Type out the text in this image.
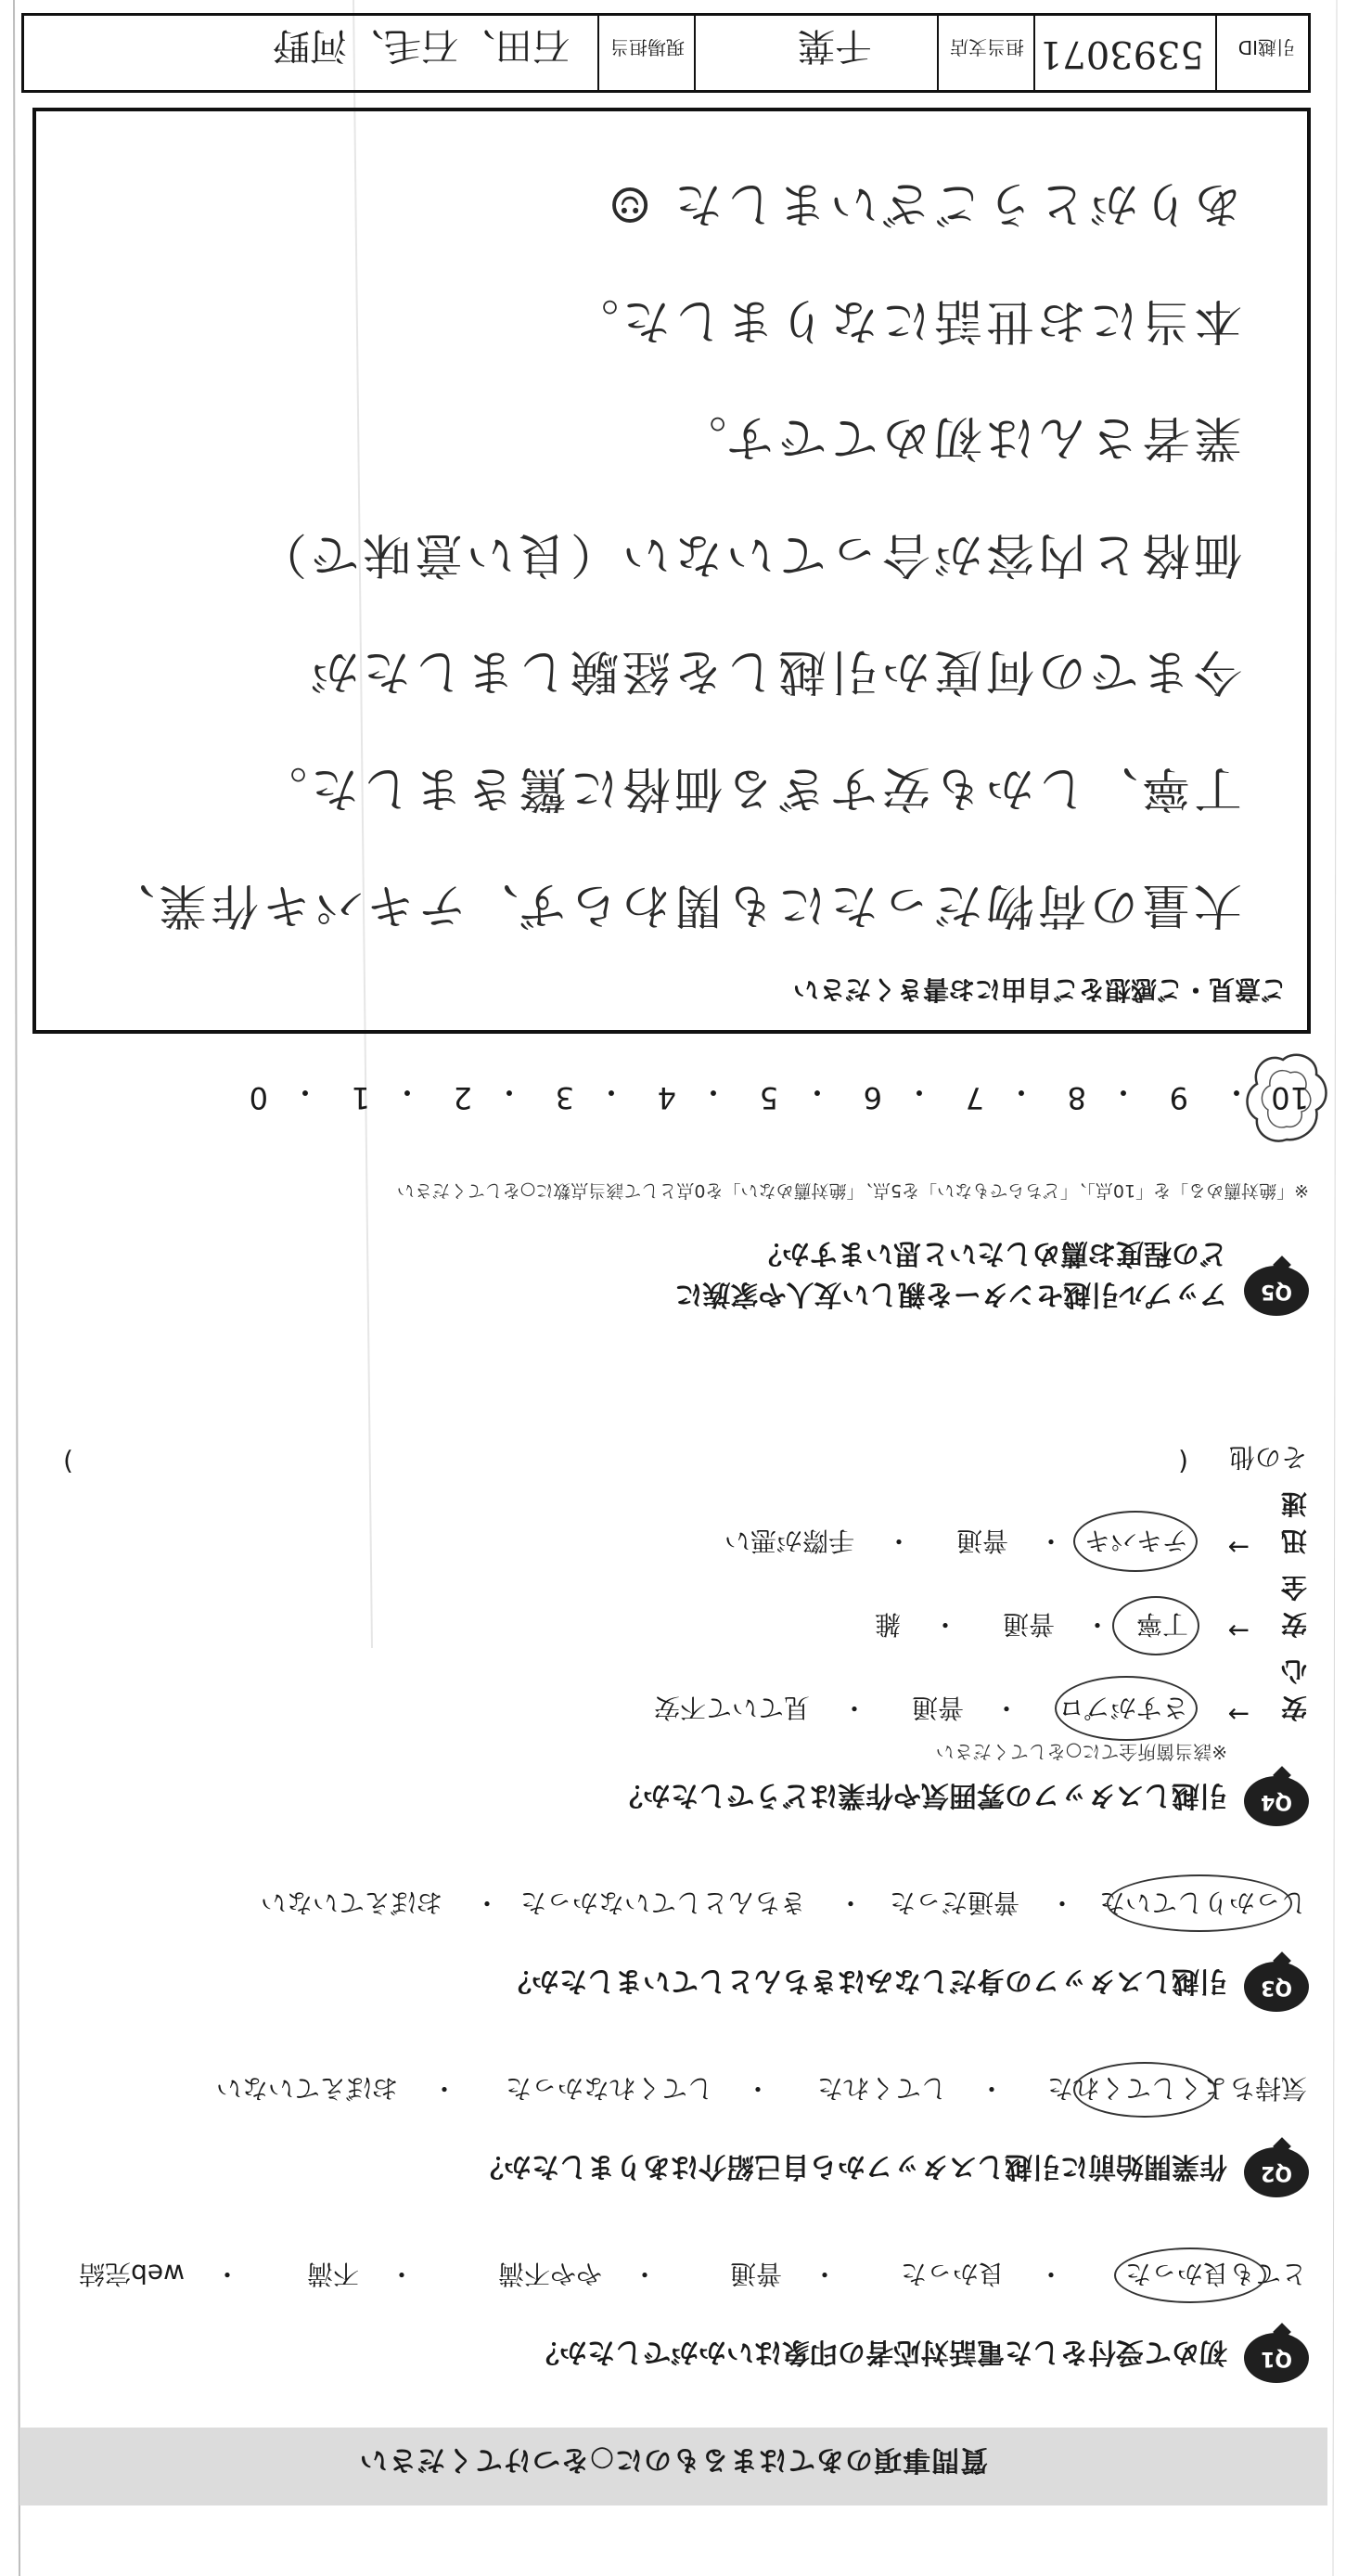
質問事項のあてはまるものに○をつけてください
Q1
初めて受付をした電話対応者の印象はいかがでしたか？
とても良かった
・
良かった
・
普通
・
やや不満
・
不満
・
web完結
Q2
作業開始前に引越しスタッフから自己紹介はありましたか？
気持ちよくしてくれた
・
してくれた
・
してくれなかった
・
おぼえていない
Q3
引越しスタッフの身だしなみはきちんとしていましたか？
しっかりしていた
・
普通だった
・
きちんとしていなかった
・
おぼえていない
Q4
引越しスタッフの雰囲気や作業はどうでしたか？
※該当箇所全てに○をしてください
安心
→
さすがプロ
・
普通
・
見ていて不安
安全
→
丁寧
・
普通
・
雑
迅速
→
テキパキ
・
普通
・
手際が悪い
その他
(
)
Q5
アップル引越センターを親しい友人や家族に
どの程度お薦めしたいと思いますか？
※「絶対薦める」を「10点」、「どちらでもない」を5点、「絶対薦めない」を0点として該当点数に○をしてください
10
・
9
・
8
・
7
・
6
・
5
・
4
・
3
・
2
・
1
・
0
ご意見・ご感想をご自由にお書きください
大量の荷物だったにも関わらず、テキパキ作業、
丁寧、しかも安すぎる価格に驚きました。
今までの何度か引越しを経験しましたが
価格と内容が合っていない（良い意味で）
業者さんは初めてです。
本当にお世話になりました。
ありがとうございました ☺
引越ID
5393071
担当支店
千葉
現場担当
石田、石毛、河野
